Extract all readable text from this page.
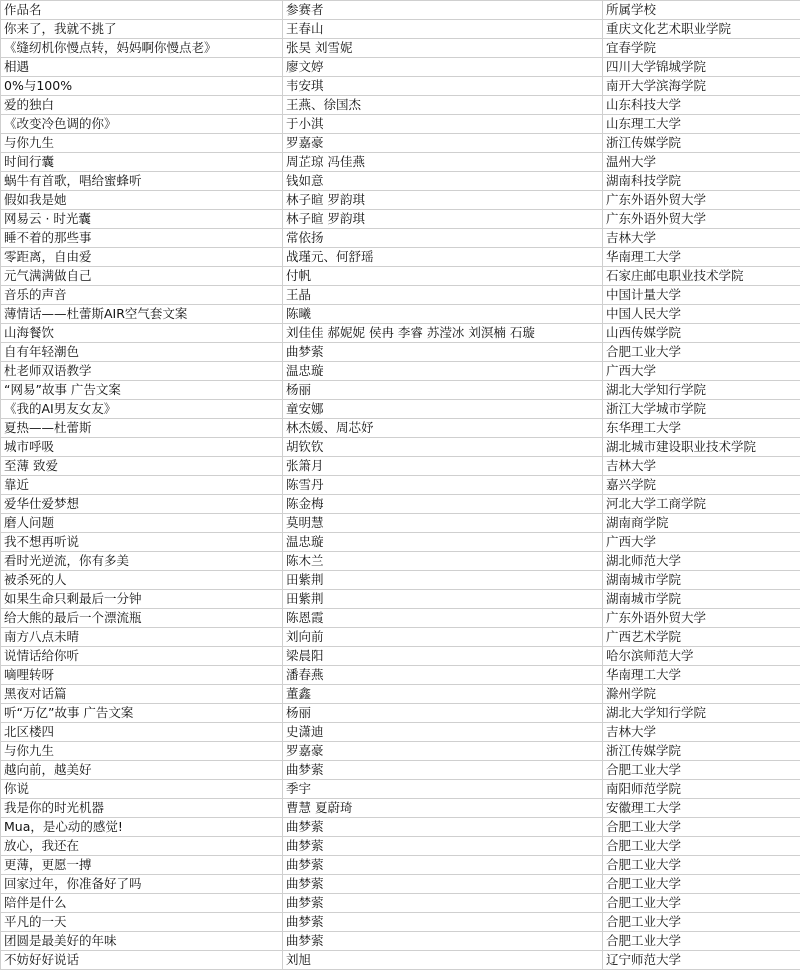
作品名	参赛者	所属学校
你来了，我就不挑了	王春山	重庆文化艺术职业学院
《缝纫机你慢点转，妈妈啊你慢点老》	张昊 刘雪妮	宜春学院
相遇	廖文婷	四川大学锦城学院
0%与100%	韦安琪	南开大学滨海学院
爱的独白	王燕、徐国杰	山东科技大学
《改变冷色调的你》	于小淇	山东理工大学
与你九生	罗嘉豪	浙江传媒学院
时间行囊	周芷琼 冯佳燕	温州大学
蜗牛有首歌，唱给蜜蜂听	钱如意	湖南科技学院
假如我是她	林子暄 罗韵琪	广东外语外贸大学
网易云 · 时光囊	林子暄 罗韵琪	广东外语外贸大学
睡不着的那些事	常依扬	吉林大学
零距离，自由爱	战瑾元、何舒瑶	华南理工大学
元气满满做自己	付帆	石家庄邮电职业技术学院
音乐的声音	王晶	中国计量大学
薄情话——杜蕾斯AIR空气套文案	陈曦	中国人民大学
山海餐饮	刘佳佳 郝妮妮 侯冉 李睿 苏滢冰 刘溟楠 石璇	山西传媒学院
自有年轻潮色	曲梦萦	合肥工业大学
杜老师双语教学	温忠璇	广西大学
“网易”故事 广告文案	杨丽	湖北大学知行学院
《我的AI男友女友》	童安娜	浙江大学城市学院
夏热——杜蕾斯	林杰媛、周芯妤	东华理工大学
城市呼吸	胡钦钦	湖北城市建设职业技术学院
至薄 致爱	张箫月	吉林大学
靠近	陈雪丹	嘉兴学院
爱华仕爱梦想	陈金梅	河北大学工商学院
磨人问题	莫明慧	湖南商学院
我不想再听说	温忠璇	广西大学
看时光逆流，你有多美	陈木兰	湖北师范大学
被杀死的人	田紫荆	湖南城市学院
如果生命只剩最后一分钟	田紫荆	湖南城市学院
给大熊的最后一个漂流瓶	陈恩霞	广东外语外贸大学
南方八点未晴	刘向前	广西艺术学院
说情话给你听	梁晨阳	哈尔滨师范大学
嘀哩转呀	潘春燕	华南理工大学
黑夜对话篇	董鑫	滁州学院
听“万亿”故事 广告文案	杨丽	湖北大学知行学院
北区楼四	史潇迪	吉林大学
与你九生	罗嘉豪	浙江传媒学院
越向前，越美好	曲梦萦	合肥工业大学
你说	季宇	南阳师范学院
我是你的时光机器	曹慧 夏蔚琦	安徽理工大学
Mua，是心动的感觉!	曲梦萦	合肥工业大学
放心，我还在	曲梦萦	合肥工业大学
更薄，更愿一搏	曲梦萦	合肥工业大学
回家过年，你准备好了吗	曲梦萦	合肥工业大学
陪伴是什么	曲梦萦	合肥工业大学
平凡的一天	曲梦萦	合肥工业大学
团圆是最美好的年味	曲梦萦	合肥工业大学
不妨好好说话	刘旭	辽宁师范大学
